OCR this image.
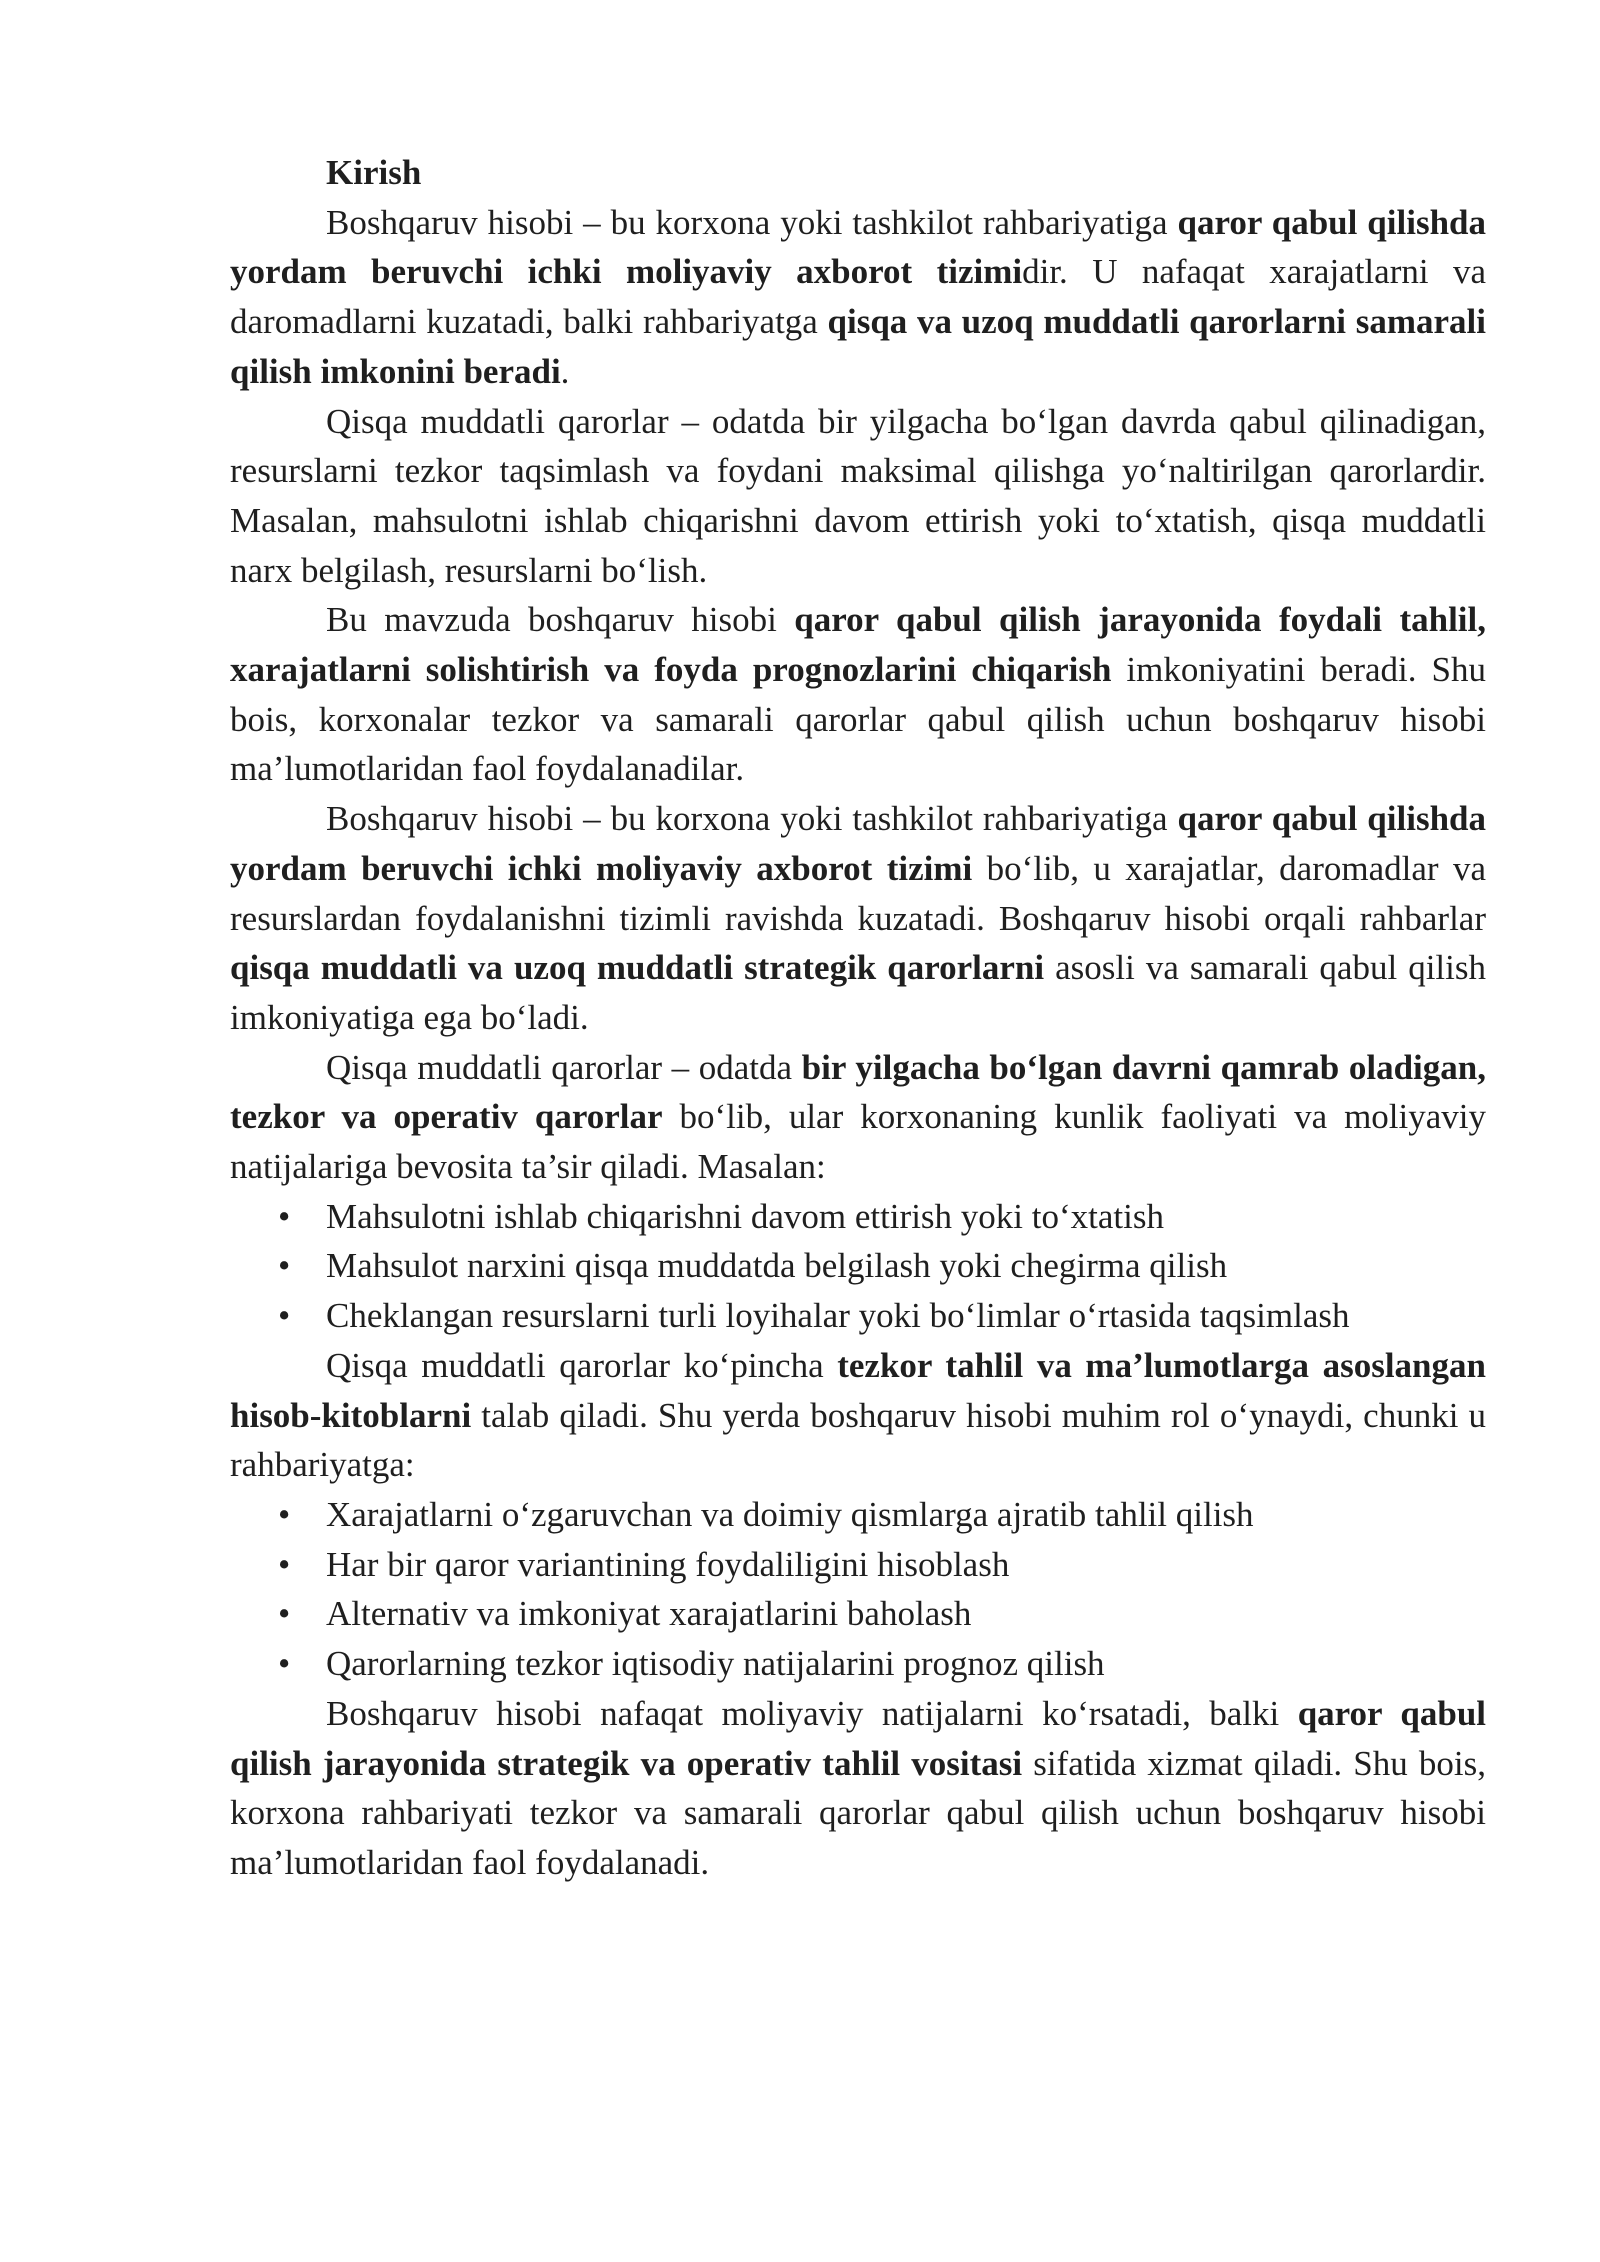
Kirish

Boshqaruv hisobi – bu korxona yoki tashkilot rahbariyatiga qaror qabul qilishda yordam beruvchi ichki moliyaviy axborot tizimidir. U nafaqat xarajatlarni va daromadlarni kuzatadi, balki rahbariyatga qisqa va uzoq muddatli qarorlarni samarali qilish imkonini beradi.

Qisqa muddatli qarorlar – odatda bir yilgacha bo‘lgan davrda qabul qilinadigan, resurslarni tezkor taqsimlash va foydani maksimal qilishga yo‘naltirilgan qarorlardir. Masalan, mahsulotni ishlab chiqarishni davom ettirish yoki to‘xtatish, qisqa muddatli narx belgilash, resurslarni bo‘lish.

Bu mavzuda boshqaruv hisobi qaror qabul qilish jarayonida foydali tahlil, xarajatlarni solishtirish va foyda prognozlarini chiqarish imkoniyatini beradi. Shu bois, korxonalar tezkor va samarali qarorlar qabul qilish uchun boshqaruv hisobi ma’lumotlaridan faol foydalanadilar.

Boshqaruv hisobi – bu korxona yoki tashkilot rahbariyatiga qaror qabul qilishda yordam beruvchi ichki moliyaviy axborot tizimi bo‘lib, u xarajatlar, daromadlar va resurslardan foydalanishni tizimli ravishda kuzatadi. Boshqaruv hisobi orqali rahbarlar qisqa muddatli va uzoq muddatli strategik qarorlarni asosli va samarali qabul qilish imkoniyatiga ega bo‘ladi.

Qisqa muddatli qarorlar – odatda bir yilgacha bo‘lgan davrni qamrab oladigan, tezkor va operativ qarorlar bo‘lib, ular korxonaning kunlik faoliyati va moliyaviy natijalariga bevosita ta’sir qiladi. Masalan:

• Mahsulotni ishlab chiqarishni davom ettirish yoki to‘xtatish
• Mahsulot narxini qisqa muddatda belgilash yoki chegirma qilish
• Cheklangan resurslarni turli loyihalar yoki bo‘limlar o‘rtasida taqsimlash

Qisqa muddatli qarorlar ko‘pincha tezkor tahlil va ma’lumotlarga asoslangan hisob-kitoblarni talab qiladi. Shu yerda boshqaruv hisobi muhim rol o‘ynaydi, chunki u rahbariyatga:

• Xarajatlarni o‘zgaruvchan va doimiy qismlarga ajratib tahlil qilish
• Har bir qaror variantining foydaliligini hisoblash
• Alternativ va imkoniyat xarajatlarini baholash
• Qarorlarning tezkor iqtisodiy natijalarini prognoz qilish

Boshqaruv hisobi nafaqat moliyaviy natijalarni ko‘rsatadi, balki qaror qabul qilish jarayonida strategik va operativ tahlil vositasi sifatida xizmat qiladi. Shu bois, korxona rahbariyati tezkor va samarali qarorlar qabul qilish uchun boshqaruv hisobi ma’lumotlaridan faol foydalanadi.
